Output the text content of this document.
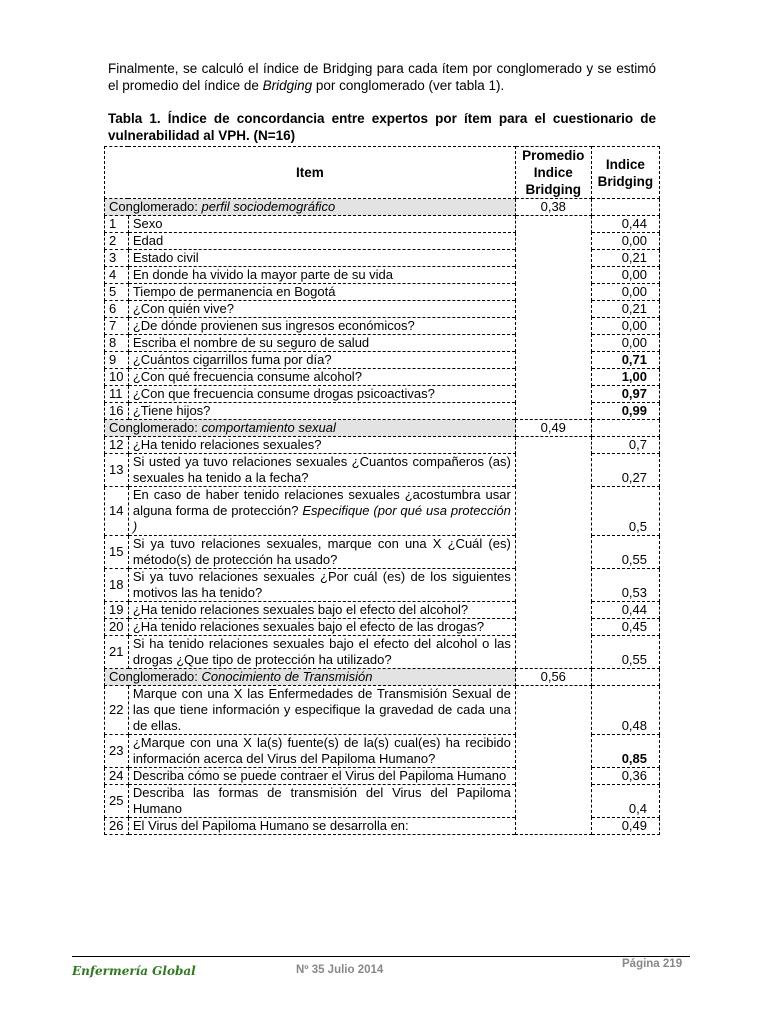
Finalmente, se calculó el índice de Bridging para cada ítem por conglomerado y se estimó el promedio del índice de Bridging por conglomerado (ver tabla 1).
Tabla 1. Índice de concordancia entre expertos por ítem para el cuestionario de vulnerabilidad al VPH. (N=16)
Item		Promedio Indice Bridging	Indice Bridging
Conglomerado: perfil sociodemográfico		0,38	
1	Sexo		0,44
2	Edad		0,00
3	Estado civil		0,21
4	En donde ha vivido la mayor parte de su vida		0,00
5	Tiempo de permanencia en Bogotá		0,00
6	¿Con quién vive?		0,21
7	¿De dónde provienen sus ingresos económicos?		0,00
8	Escriba el nombre de su seguro de salud		0,00
9	¿Cuántos cigarrillos fuma por día?		0,71
10	¿Con qué frecuencia consume alcohol?		1,00
11	¿Con que frecuencia consume drogas psicoactivas?		0,97
16	¿Tiene hijos?		0,99
Conglomerado: comportamiento sexual		0,49	
12	¿Ha tenido relaciones sexuales?		0,7
13	Si usted ya tuvo relaciones sexuales ¿Cuantos compañeros (as) sexuales ha tenido a la fecha?		0,27
14	En caso de haber tenido relaciones sexuales ¿acostumbra usar alguna forma de protección? Especifique (por qué usa protección )		0,5
15	Si ya tuvo relaciones sexuales, marque con una X ¿Cuál (es) método(s) de protección ha usado?		0,55
18	Si ya tuvo relaciones sexuales ¿Por cuál (es) de los siguientes motivos las ha tenido?		0,53
19	¿Ha tenido relaciones sexuales bajo el efecto del alcohol?		0,44
20	¿Ha tenido relaciones sexuales bajo el efecto de las drogas?		0,45
21	Si ha tenido relaciones sexuales bajo el efecto del alcohol o las drogas ¿Que tipo de protección ha utilizado?		0,55
Conglomerado: Conocimiento de Transmisión		0,56	
22	Marque con una X las Enfermedades de Transmisión Sexual de las que tiene información y especifique la gravedad de cada una de ellas.		0,48
23	¿Marque con una X la(s) fuente(s) de la(s) cual(es) ha recibido información acerca del Virus del Papiloma Humano?		0,85
24	Describa cómo se puede contraer el Virus del Papiloma Humano		0,36
25	Describa las formas de transmisión del Virus del Papiloma Humano		0,4
26	El Virus del Papiloma Humano se desarrolla en:		0,49
Enfermería Global	Nº 35 Julio 2014	Página 219
